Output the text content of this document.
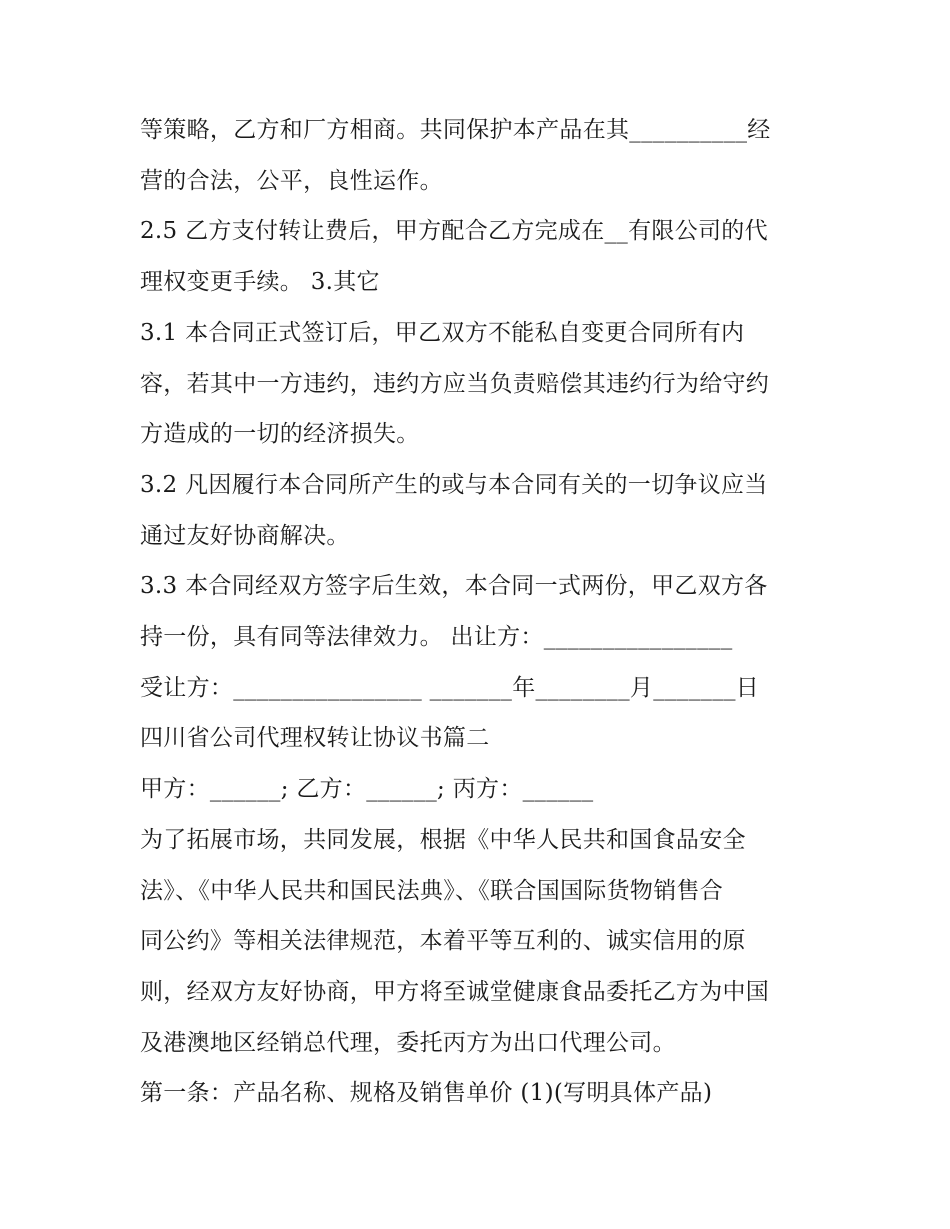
等策略，乙方和厂方相商。共同保护本产品在其__________经
营的合法，公平，良性运作。
2.5 乙方支付转让费后，甲方配合乙方完成在__有限公司的代
理权变更手续。 3.其它
3.1 本合同正式签订后，甲乙双方不能私自变更合同所有内
容，若其中一方违约，违约方应当负责赔偿其违约行为给守约
方造成的一切的经济损失。
3.2 凡因履行本合同所产生的或与本合同有关的一切争议应当
通过友好协商解决。
3.3 本合同经双方签字后生效，本合同一式两份，甲乙双方各
持一份，具有同等法律效力。 出让方：________________
受让方：________________ _______年________月_______日
四川省公司代理权转让协议书篇二
甲方：______; 乙方：______; 丙方：______
为了拓展市场，共同发展，根据《中华人民共和国食品安全
法》、《中华人民共和国民法典》、《联合国国际货物销售合
同公约》等相关法律规范，本着平等互利的、诚实信用的原
则，经双方友好协商，甲方将至诚堂健康食品委托乙方为中国
及港澳地区经销总代理，委托丙方为出口代理公司。
第一条：产品名称、规格及销售单价 (1)(写明具体产品)
